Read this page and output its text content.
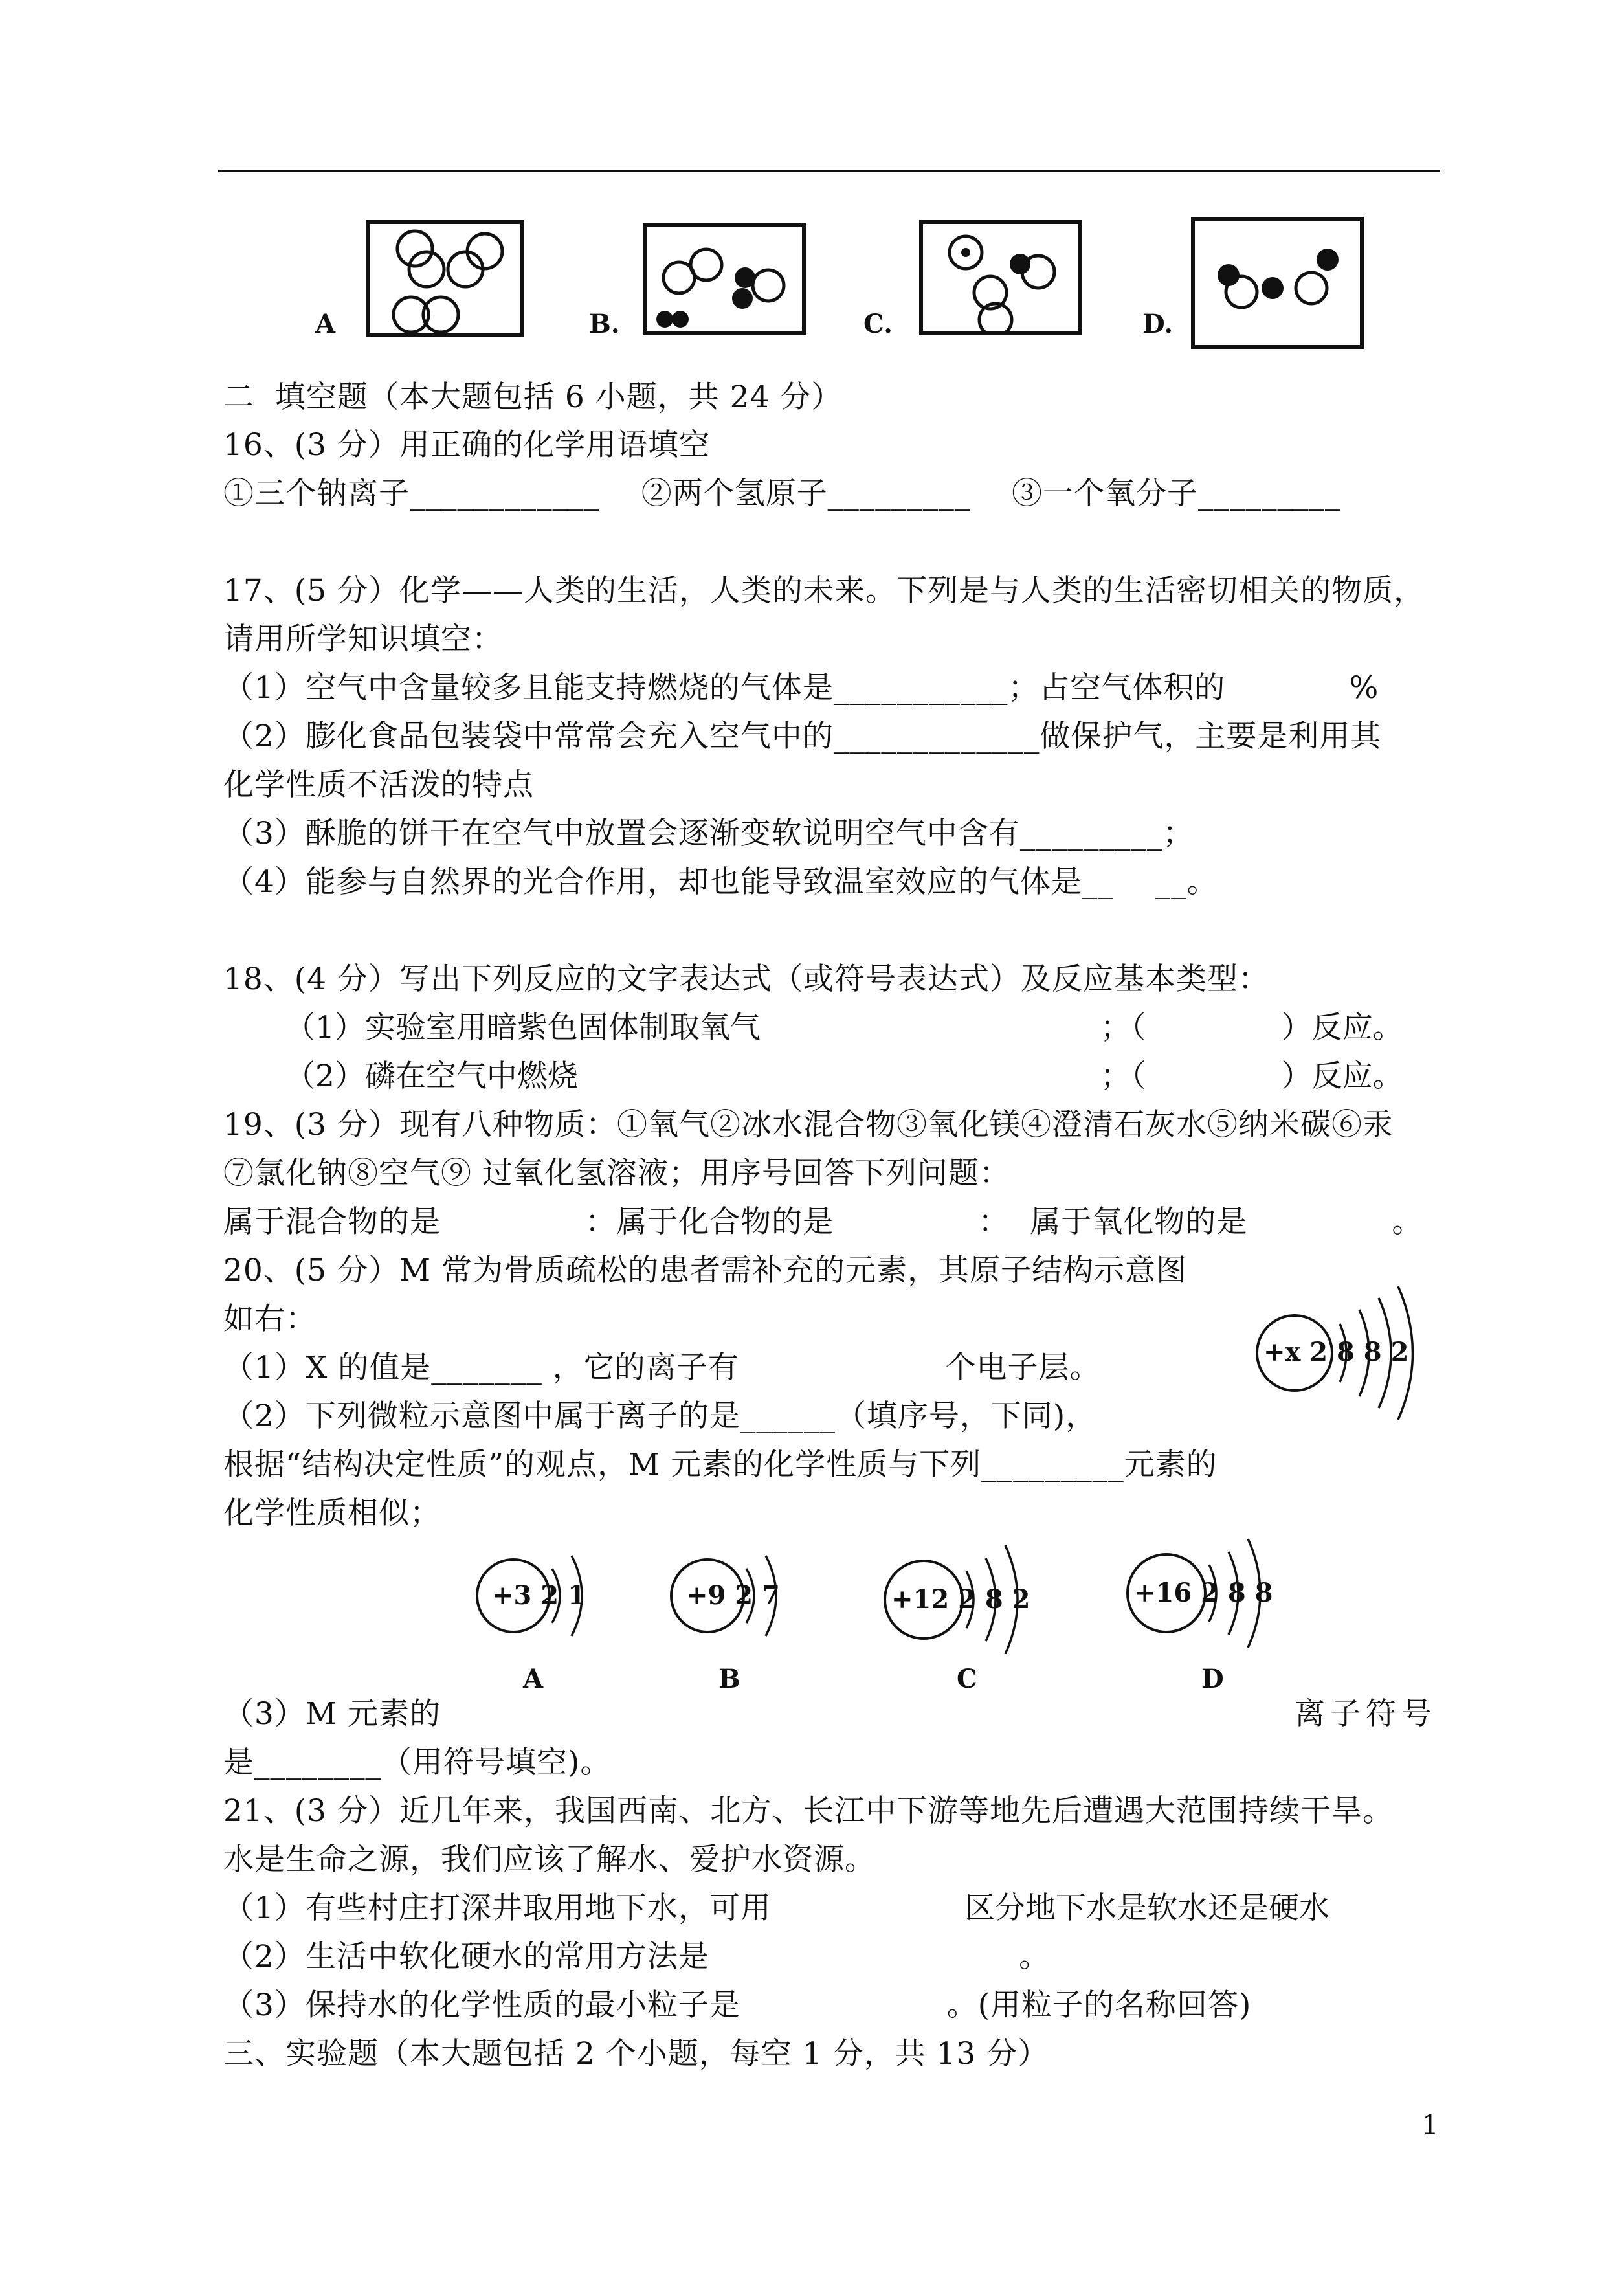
A	B.	C.	D.
二  填空题（本大题包括 6 小题，共 24 分）
16、(3 分）用正确的化学用语填空
①三个钠离子____________    ②两个氢原子_________    ③一个氧分子_________
17、(5 分）化学——人类的生活，人类的未来。下列是与人类的生活密切相关的物质，
请用所学知识填空：
（1）空气中含量较多且能支持燃烧的气体是___________；占空气体积的            %
（2）膨化食品包装袋中常常会充入空气中的_____________做保护气，主要是利用其
化学性质不活泼的特点
（3）酥脆的饼干在空气中放置会逐渐变软说明空气中含有_________；
（4）能参与自然界的光合作用，却也能导致温室效应的气体是__    __。
18、(4 分）写出下列反应的文字表达式（或符号表达式）及反应基本类型：
（1）实验室用暗紫色固体制取氧气	；（              ）反应。
（2）磷在空气中燃烧	；（              ）反应。
19、(3 分）现有八种物质：①氧气②冰水混合物③氧化镁④澄清石灰水⑤纳米碳⑥汞
⑦氯化钠⑧空气⑨ 过氧化氢溶液；用序号回答下列问题：
属于混合物的是              ：属于化合物的是              ：  属于氧化物的是              。
20、(5 分）M 常为骨质疏松的患者需补充的元素，其原子结构示意图
如右：
（1）X 的值是_______ ，它的离子有                    个电子层。
（2）下列微粒示意图中属于离子的是______（填序号，下同)，
根据“结构决定性质”的观点，M 元素的化学性质与下列_________元素的
化学性质相似；
+x 2 8 8 2
+3 2 1	+9 2 7	+12 2 8 2	+16 2 8 8
A	B	C	D
（3）M 元素的	离子符号
是________（用符号填空)。
21、(3 分）近几年来，我国西南、北方、长江中下游等地先后遭遇大范围持续干旱。
水是生命之源，我们应该了解水、爱护水资源。
（1）有些村庄打深井取用地下水，可用	区分地下水是软水还是硬水
（2）生活中软化硬水的常用方法是                              。
（3）保持水的化学性质的最小粒子是                    。(用粒子的名称回答)
三、实验题（本大题包括 2 个小题，每空 1 分，共 13 分）
1
